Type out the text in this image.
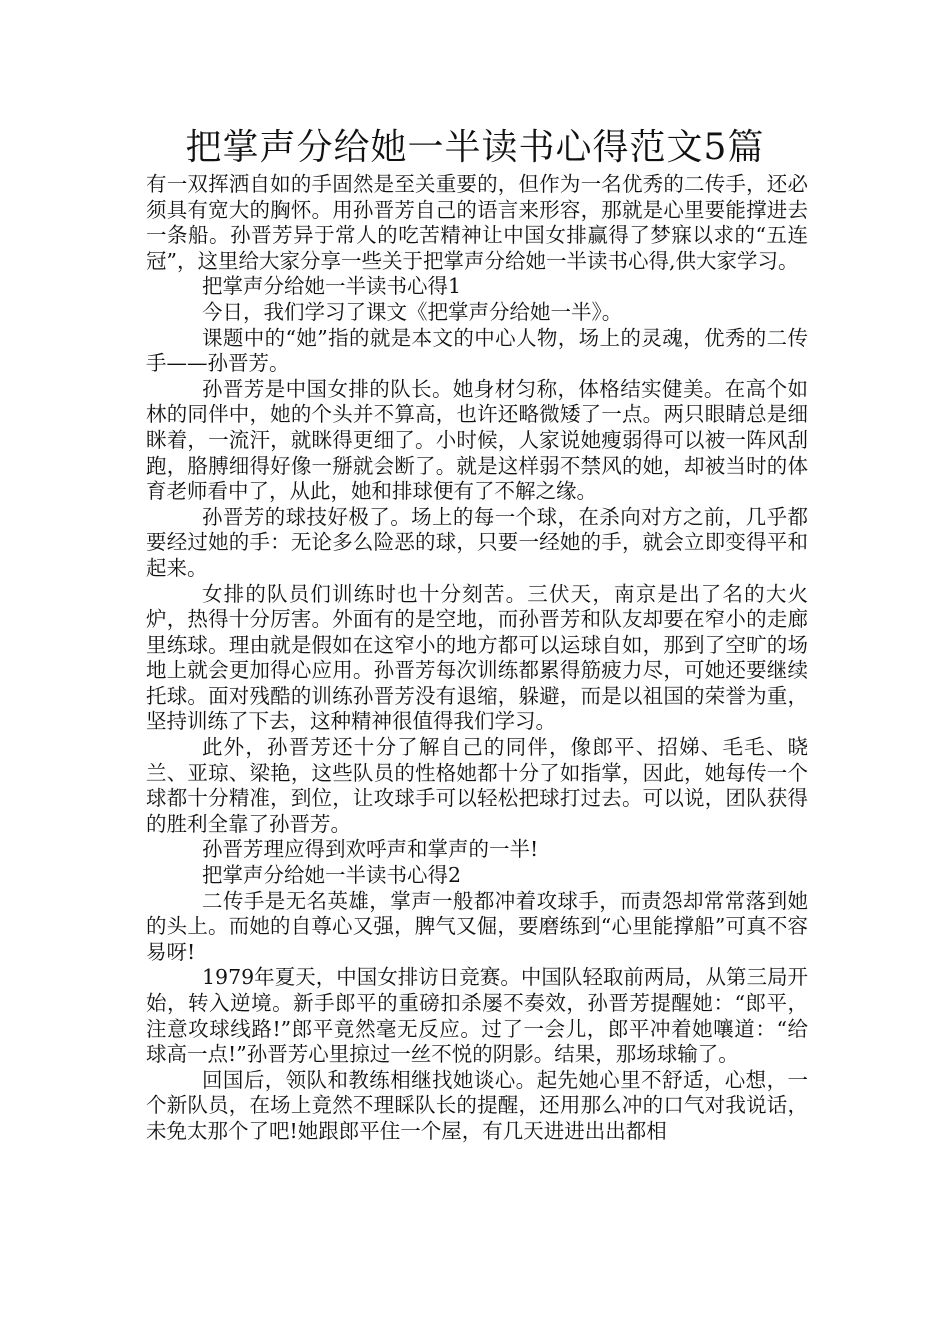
把掌声分给她一半读书心得范文5篇

有一双挥洒自如的手固然是至关重要的，但作为一名优秀的二传手，还必须具有宽大的胸怀。用孙晋芳自己的语言来形容，那就是心里要能撑进去一条船。孙晋芳异于常人的吃苦精神让中国女排赢得了梦寐以求的“五连冠”，这里给大家分享一些关于把掌声分给她一半读书心得,供大家学习。

把掌声分给她一半读书心得1

今日，我们学习了课文《把掌声分给她一半》。

课题中的“她”指的就是本文的中心人物，场上的灵魂，优秀的二传手——孙晋芳。

孙晋芳是中国女排的队长。她身材匀称，体格结实健美。在高个如林的同伴中，她的个头并不算高，也许还略微矮了一点。两只眼睛总是细眯着，一流汗，就眯得更细了。小时候，人家说她瘦弱得可以被一阵风刮跑，胳膊细得好像一掰就会断了。就是这样弱不禁风的她，却被当时的体育老师看中了，从此，她和排球便有了不解之缘。

孙晋芳的球技好极了。场上的每一个球，在杀向对方之前，几乎都要经过她的手：无论多么险恶的球，只要一经她的手，就会立即变得平和起来。

女排的队员们训练时也十分刻苦。三伏天，南京是出了名的大火炉，热得十分厉害。外面有的是空地，而孙晋芳和队友却要在窄小的走廊里练球。理由就是假如在这窄小的地方都可以运球自如，那到了空旷的场地上就会更加得心应用。孙晋芳每次训练都累得筋疲力尽，可她还要继续托球。面对残酷的训练孙晋芳没有退缩，躲避，而是以祖国的荣誉为重，坚持训练了下去，这种精神很值得我们学习。

此外，孙晋芳还十分了解自己的同伴，像郎平、招娣、毛毛、晓兰、亚琼、梁艳，这些队员的性格她都十分了如指掌，因此，她每传一个球都十分精准，到位，让攻球手可以轻松把球打过去。可以说，团队获得的胜利全靠了孙晋芳。

孙晋芳理应得到欢呼声和掌声的一半!

把掌声分给她一半读书心得2

二传手是无名英雄，掌声一般都冲着攻球手，而责怨却常常落到她的头上。而她的自尊心又强，脾气又倔，要磨练到“心里能撑船”可真不容易呀!

1979年夏天，中国女排访日竞赛。中国队轻取前两局，从第三局开始，转入逆境。新手郎平的重磅扣杀屡不奏效，孙晋芳提醒她：“郎平，注意攻球线路!”郎平竟然毫无反应。过了一会儿，郎平冲着她嚷道：“给球高一点!”孙晋芳心里掠过一丝不悦的阴影。结果，那场球输了。

回国后，领队和教练相继找她谈心。起先她心里不舒适，心想，一个新队员，在场上竟然不理睬队长的提醒，还用那么冲的口气对我说话，未免太那个了吧!她跟郎平住一个屋，有几天进进出出都相
